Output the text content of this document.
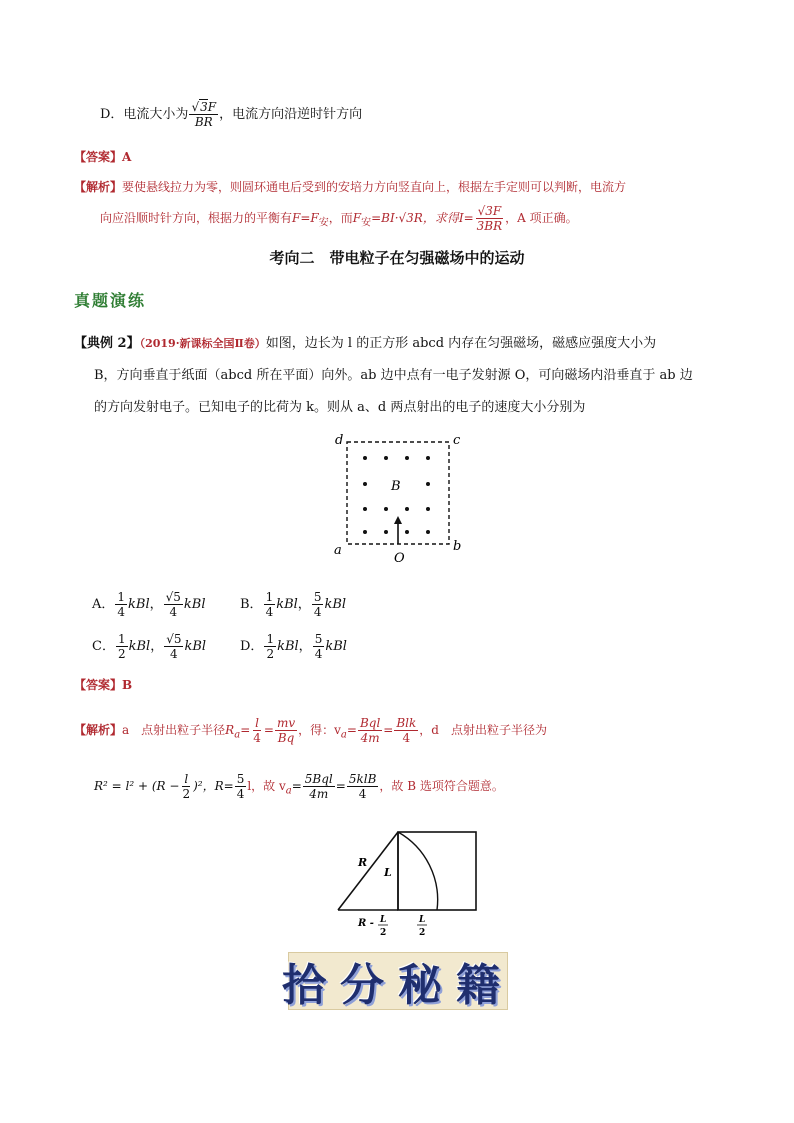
D．电流大小为 $\frac{√3F}{BR}$ ，电流方向沿逆时针方向
【答案】A
【解析】要使悬线拉力为零，则圆环通电后受到的安培力方向竖直向上，根据左手定则可以判断，电流方
向应沿顺时针方向，根据力的平衡有$F=F_安$，而$F_安=BI\cdot√3R$，求得$I= \frac{√3F}{3BR}$ ，A 项正确。
考向二　带电粒子在匀强磁场中的运动
真题演练
【典例 2】（2019·新课标全国Ⅱ卷）如图，边长为 l 的正方形 abcd 内存在匀强磁场，磁感应强度大小为
B，方向垂直于纸面（abcd 所在平面）向外。ab 边中点有一电子发射源 O，可向磁场内沿垂直于 ab 边
的方向发射电子。已知电子的比荷为 k。则从 a、d 两点射出的电子的速度大小分别为
d	c
a	b
B
O
A． $\frac{1}{4}$ kBl， $\frac{√5}{4}$ kBl	B． $\frac{1}{4}$ kBl， $\frac{5}{4}$ kBl
C． $\frac{1}{2}$ kBl， $\frac{√5}{4}$ kBl	D． $\frac{1}{2}$ kBl， $\frac{5}{4}$ kBl
【答案】B
【解析】a　点射出粒子半径$R_a= \frac{l}{4} = \frac{mv}{Bq}$ ，得：$v_a= \frac{\text{Bql}}{4m} = \frac{\text{Blk}}{4}$ ，d　点射出粒子半径为
$R^2 = l^2 + (R - \frac{l}{2} )^2$，$R= \frac{5}{4}$ l，故 $v_a= \frac{\text{5Bql}}{4m} = \frac{\text{5klB}}{4}$ ，故 B 选项符合题意。
R
L
R - L
2
L
2
拾分秘籍
